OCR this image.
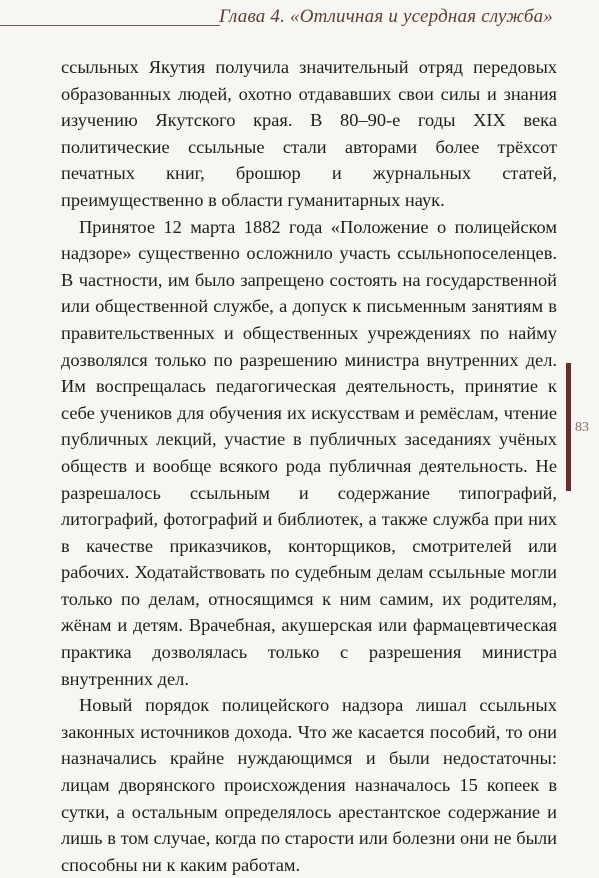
Глава 4. «Отличная и усердная служба»

ссыльных Якутия получила значительный отряд передовых образованных людей, охотно отдававших свои силы и знания изучению Якутского края. В 80–90-е годы XIX века политические ссыльные стали авторами более трёхсот печатных книг, брошюр и журнальных статей, преимущественно в области гуманитарных наук.

Принятое 12 марта 1882 года «Положение о полицейском надзоре» существенно осложнило участь ссыльнопоселенцев. В частности, им было запрещено состоять на государственной или общественной службе, а допуск к письменным занятиям в правительственных и общественных учреждениях по найму дозволялся только по разрешению министра внутренних дел. Им воспрещалась педагогическая деятельность, принятие к себе учеников для обучения их искусствам и ремёслам, чтение публичных лекций, участие в публичных заседаниях учёных обществ и вообще всякого рода публичная деятельность. Не разрешалось ссыльным и содержание типографий, литографий, фотографий и библиотек, а также служба при них в качестве приказчиков, конторщиков, смотрителей или рабочих. Ходатайствовать по судебным делам ссыльные могли только по делам, относящимся к ним самим, их родителям, жёнам и детям. Врачебная, акушерская или фармацевтическая практика дозволялась только с разрешения министра внутренних дел.

Новый порядок полицейского надзора лишал ссыльных законных источников дохода. Что же касается пособий, то они назначались крайне нуждающимся и были недостаточны: лицам дворянского происхождения назначалось 15 копеек в сутки, а остальным определялось арестантское содержание и лишь в том случае, когда по старости или болезни они не были способны ни к каким работам.

83
